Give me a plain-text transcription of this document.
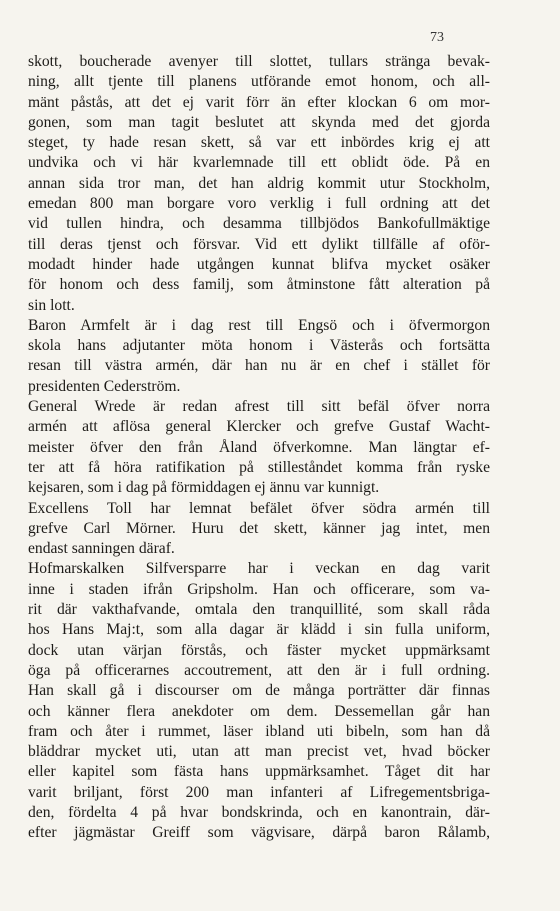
73
skott, boucherade avenyer till slottet, tullars stränga bevak-
ning, allt tjente till planens utförande emot honom, och all-
mänt påstås, att det ej varit förr än efter klockan 6 om mor-
gonen, som man tagit beslutet att skynda med det gjorda
steget, ty hade resan skett, så var ett inbördes krig ej att
undvika och vi här kvarlemnade till ett oblidt öde. På en
annan sida tror man, det han aldrig kommit utur Stockholm,
emedan 800 man borgare voro verklig i full ordning att det
vid tullen hindra, och desamma tillbjödos Bankofullmäktige
till deras tjenst och försvar. Vid ett dylikt tillfälle af oför-
modadt hinder hade utgången kunnat blifva mycket osäker
för honom och dess familj, som åtminstone fått alteration på
sin lott.
Baron Armfelt är i dag rest till Engsö och i öfvermorgon
skola hans adjutanter möta honom i Västerås och fortsätta
resan till västra armén, där han nu är en chef i stället för
presidenten Cederström.
General Wrede är redan afrest till sitt befäl öfver norra
armén att aflösa general Klercker och grefve Gustaf Wacht-
meister öfver den från Åland öfverkomne. Man längtar ef-
ter att få höra ratifikation på stilleståndet komma från ryske
kejsaren, som i dag på förmiddagen ej ännu var kunnigt.
Excellens Toll har lemnat befälet öfver södra armén till
grefve Carl Mörner. Huru det skett, känner jag intet, men
endast sanningen däraf.
Hofmarskalken Silfversparre har i veckan en dag varit
inne i staden ifrån Gripsholm. Han och officerare, som va-
rit där vakthafvande, omtala den tranquillité, som skall råda
hos Hans Maj:t, som alla dagar är klädd i sin fulla uniform,
dock utan värjan förstås, och fäster mycket uppmärksamt
öga på officerarnes accoutrement, att den är i full ordning.
Han skall gå i discourser om de många porträtter där finnas
och känner flera anekdoter om dem. Dessemellan går han
fram och åter i rummet, läser ibland uti bibeln, som han då
bläddrar mycket uti, utan att man precist vet, hvad böcker
eller kapitel som fästa hans uppmärksamhet. Tåget dit har
varit briljant, först 200 man infanteri af Lifregementsbriga-
den, fördelta 4 på hvar bondskrinda, och en kanontrain, där-
efter jägmästar Greiff som vägvisare, därpå baron Rålamb,
